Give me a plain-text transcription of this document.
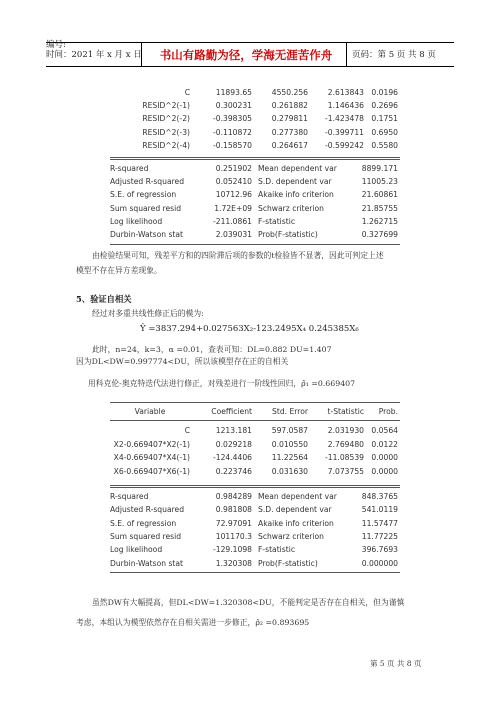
编号:
时间：2021 年 x 月 x 日	书山有路勤为径，学海无涯苦作舟	页码：第 5 页 共 8 页
C	11893.65	4550.256	2.613843 0.0196
RESID^2(-1)	0.300231	0.261882	1.146436 0.2696
RESID^2(-2)	-0.398305	0.279811	-1.423478 0.1751
RESID^2(-3)	-0.110872	0.277380	-0.399711 0.6950
RESID^2(-4)	-0.158570	0.264617	-0.599242 0.5580
R-squared	0.251902 Mean dependent var	8899.171
Adjusted R-squared	0.052410 S.D. dependent var	11005.23
S.E. of regression	10712.96 Akaike info criterion	21.60861
Sum squared resid	1.72E+09 Schwarz criterion	21.85755
Log likelihood	-211.0861 F-statistic	1.262715
Durbin-Watson stat	2.039031 Prob(F-statistic)	0.327699
由检验结果可知，残差平方和的四阶滞后项的参数的t检验皆不显著，因此可判定上述
模型不存在异方差现象。
5、验证自相关
经过对多重共线性修正后的模为:
Ŷ =3837.294+0.027563X₂-123.2495X₄ 0.245385X₆
此时，n=24，k=3，α =0.01，查表可知：DL=0.882 DU=1.407
因为DL<DW=0.997774<DU，所以该模型存在正的自相关
用科克伦-奥克特迭代法进行修正，对残差进行一阶线性回归，ρ̂₁ =0.669407
Variable	Coefficient	Std. Error	t-Statistic	Prob.
C	1213.181	597.0587	2.031930 0.0564
X2-0.669407*X2(-1)	0.029218	0.010550	2.769480 0.0122
X4-0.669407*X4(-1)	-124.4406	11.22564	-11.08539 0.0000
X6-0.669407*X6(-1)	0.223746	0.031630	7.073755 0.0000
R-squared	0.984289 Mean dependent var	848.3765
Adjusted R-squared	0.981808 S.D. dependent var	541.0119
S.E. of regression	72.97091 Akaike info criterion	11.57477
Sum squared resid	101170.3 Schwarz criterion	11.77225
Log likelihood	-129.1098 F-statistic	396.7693
Durbin-Watson stat	1.320308 Prob(F-statistic)	0.000000
虽然DW有大幅提高，但DL<DW=1.320308<DU，不能判定是否存在自相关，但为谨慎
考虑，本组认为模型依然存在自相关需进一步修正，ρ̂₂ =0.893695
第 5 页 共 8 页
